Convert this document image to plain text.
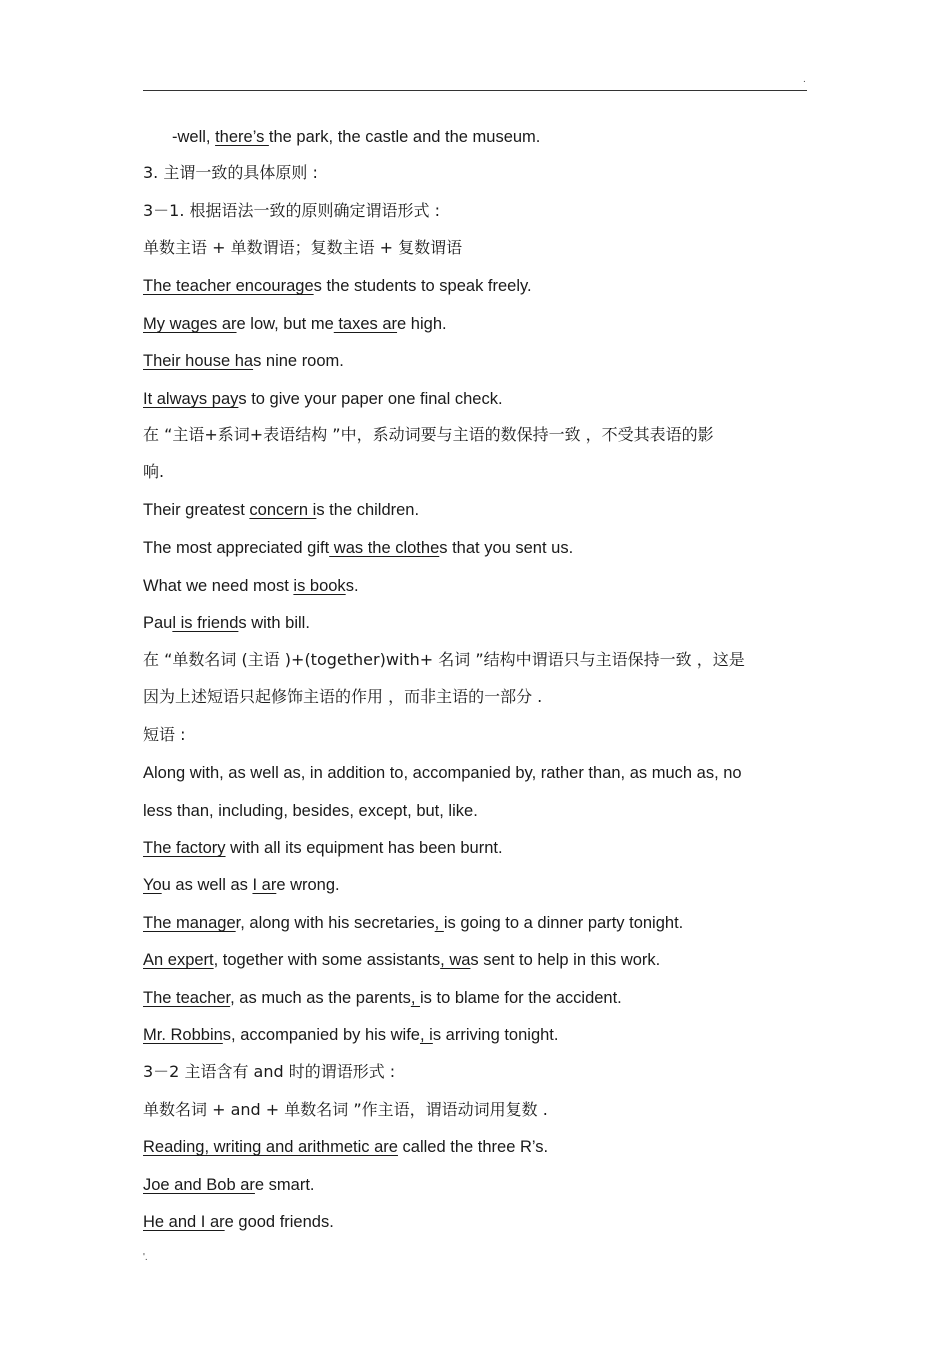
.
-well, there’s the park, the castle and the museum.
3. 主谓一致的具体原则 :
3－1. 根据语法一致的原则确定谓语形式 :
单数主语 + 单数谓语；复数主语 + 复数谓语
The teacher encourages the students to speak freely.
My wages are low, but me taxes are high.
Their house has nine room.
It always pays to give your paper one final check.
在 “主语+系词+表语结构 ”中，系动词要与主语的数保持一致 ，不受其表语的影
响.
Their greatest concern is the children.
The most appreciated gift was the clothes that you sent us.
What we need most is books.
Paul is friends with bill.
在 “单数名词 (主语 )+(together)with+ 名词 ”结构中谓语只与主语保持一致 ，这是
因为上述短语只起修饰主语的作用 ，而非主语的一部分 .
短语 :
Along with, as well as, in addition to, accompanied by, rather than, as much as, no
less than, including, besides, except, but, like.
The factory with all its equipment has been burnt.
You as well as I are wrong.
The manager, along with his secretaries, is going to a dinner party tonight.
An expert, together with some assistants, was sent to help in this work.
The teacher, as much as the parents, is to blame for the accident.
Mr. Robbins, accompanied by his wife, is arriving tonight.
3－2 主语含有 and 时的谓语形式 :
单数名词 + and + 单数名词 ”作主语，谓语动词用复数 .
Reading, writing and arithmetic are called the three R’s.
Joe and Bob are smart.
He and I are good friends.
'.
